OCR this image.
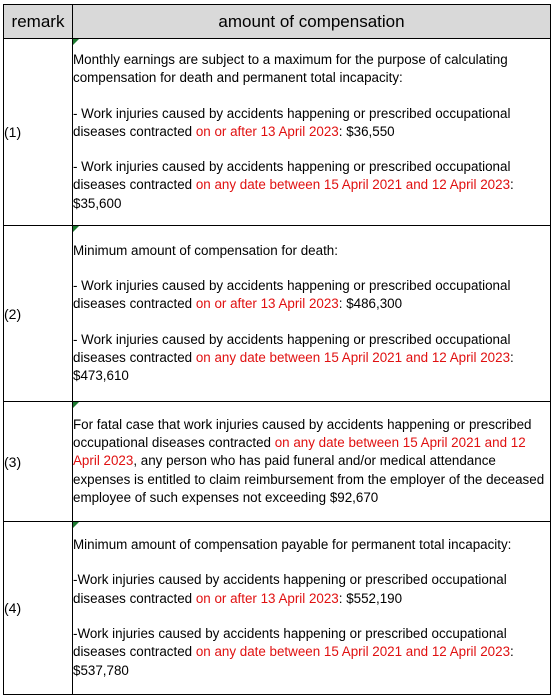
remark	amount of compensation
(1)	Monthly earnings are subject to a maximum for the purpose of calculating compensation for death and permanent total incapacity:

- Work injuries caused by accidents happening or prescribed occupational diseases contracted on or after 13 April 2023: $36,550

- Work injuries caused by accidents happening or prescribed occupational diseases contracted on any date between 15 April 2021 and 12 April 2023: $35,600

(2)	Minimum amount of compensation for death:

- Work injuries caused by accidents happening or prescribed occupational diseases contracted on or after 13 April 2023: $486,300

- Work injuries caused by accidents happening or prescribed occupational diseases contracted on any date between 15 April 2021 and 12 April 2023: $473,610

(3)	For fatal case that work injuries caused by accidents happening or prescribed occupational diseases contracted on any date between 15 April 2021 and 12 April 2023, any person who has paid funeral and/or medical attendance expenses is entitled to claim reimbursement from the employer of the deceased employee of such expenses not exceeding $92,670

(4)	Minimum amount of compensation payable for permanent total incapacity:

-Work injuries caused by accidents happening or prescribed occupational diseases contracted on or after 13 April 2023: $552,190

-Work injuries caused by accidents happening or prescribed occupational diseases contracted on any date between 15 April 2021 and 12 April 2023: $537,780
